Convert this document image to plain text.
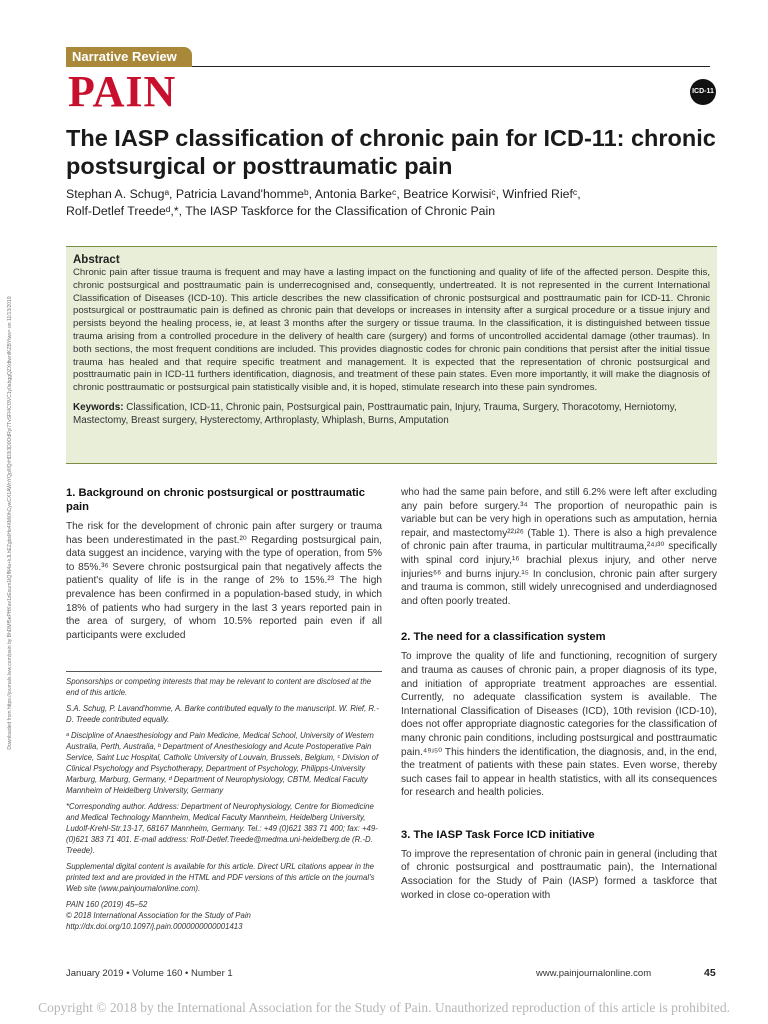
Narrative Review
PAIN	ICD-11
The IASP classification of chronic pain for ICD-11: chronic postsurgical or posttraumatic pain
Stephan A. Schugᵃ, Patricia Lavand'hommeᵇ, Antonia Barkeᶜ, Beatrice Korwisiᶜ, Winfried Riefᶜ,
Rolf-Detlef Treedeᵈ,*, The IASP Taskforce for the Classification of Chronic Pain
Downloaded from https://journals.lww.com/pain by BhDMf5ePHKav1zEoum1tQfN4a+kJLhEZgbsIHo4XMi0hCywCX1AWnYQp/IlQrHD3i3D0OdRyi7TvSFl4Cf3VC1y0abggQZXdtwnfKZBYtws= on 11/13/2019
Abstract
Chronic pain after tissue trauma is frequent and may have a lasting impact on the functioning and quality of life of the affected person. Despite this, chronic postsurgical and posttraumatic pain is underrecognised and, consequently, undertreated. It is not represented in the current International Classification of Diseases (ICD-10). This article describes the new classification of chronic postsurgical and posttraumatic pain for ICD-11. Chronic postsurgical or posttraumatic pain is defined as chronic pain that develops or increases in intensity after a surgical procedure or a tissue injury and persists beyond the healing process, ie, at least 3 months after the surgery or tissue trauma. In the classification, it is distinguished between tissue trauma arising from a controlled procedure in the delivery of health care (surgery) and forms of uncontrolled accidental damage (other traumas). In both sections, the most frequent conditions are included. This provides diagnostic codes for chronic pain conditions that persist after the initial tissue trauma has healed and that require specific treatment and management. It is expected that the representation of chronic postsurgical and posttraumatic pain in ICD-11 furthers identification, diagnosis, and treatment of these pain states. Even more importantly, it will make the diagnosis of chronic posttraumatic or postsurgical pain statistically visible and, it is hoped, stimulate research into these pain syndromes.
Keywords: Classification, ICD-11, Chronic pain, Postsurgical pain, Posttraumatic pain, Injury, Trauma, Surgery, Thoracotomy, Herniotomy, Mastectomy, Breast surgery, Hysterectomy, Arthroplasty, Whiplash, Burns, Amputation
1. Background on chronic postsurgical or posttraumatic pain

The risk for the development of chronic pain after surgery or trauma has been underestimated in the past.²⁰ Regarding postsurgical pain, data suggest an incidence, varying with the type of operation, from 5% to 85%.³⁶ Severe chronic postsurgical pain that negatively affects the patient's quality of life is in the range of 2% to 15%.²³ The high prevalence has been confirmed in a population-based study, in which 18% of patients who had surgery in the last 3 years reported pain in the area of surgery, of whom 10.5% reported pain even if all participants were excluded

Sponsorships or competing interests that may be relevant to content are disclosed at the end of this article.

S.A. Schug, P. Lavand'homme, A. Barke contributed equally to the manuscript. W. Rief, R.-D. Treede contributed equally.

ᵃ Discipline of Anaesthesiology and Pain Medicine, Medical School, University of Western Australia, Perth, Australia, ᵇ Department of Anesthesiology and Acute Postoperative Pain Service, Saint Luc Hospital, Catholic University of Louvain, Brussels, Belgium, ᶜ Division of Clinical Psychology and Psychotherapy, Department of Psychology, Philipps-University Marburg, Marburg, Germany, ᵈ Department of Neurophysiology, CBTM, Medical Faculty Mannheim of Heidelberg University, Germany

*Corresponding author. Address: Department of Neurophysiology, Centre for Biomedicine and Medical Technology Mannheim, Medical Faculty Mannheim, Heidelberg University, Ludolf-Krehl-Str.13-17, 68167 Mannheim, Germany. Tel.: +49 (0)621 383 71 400; fax: +49-(0)621 383 71 401. E-mail address: Rolf-Detlef.Treede@medma.uni-heidelberg.de (R.-D. Treede).

Supplemental digital content is available for this article. Direct URL citations appear in the printed text and are provided in the HTML and PDF versions of this article on the journal's Web site (www.painjournalonline.com).

PAIN 160 (2019) 45–52
© 2018 International Association for the Study of Pain
http://dx.doi.org/10.1097/j.pain.0000000000001413

who had the same pain before, and still 6.2% were left after excluding any pain before surgery.³⁴ The proportion of neuropathic pain is variable but can be very high in operations such as amputation, hernia repair, and mastectomy²²ʴ²⁶ (Table 1). There is also a high prevalence of chronic pain after trauma, in particular multitrauma,²⁴ʴ³⁰ specifically with spinal cord injury,¹⁶ brachial plexus injury, and other nerve injuries⁶⁶ and burns injury.¹⁵ In conclusion, chronic pain after surgery and trauma is common, still widely unrecognised and underdiagnosed and often poorly treated.

2. The need for a classification system

To improve the quality of life and functioning, recognition of surgery and trauma as causes of chronic pain, a proper diagnosis of its type, and initiation of appropriate treatment approaches are essential. Currently, no adequate classification system is available. The International Classification of Diseases (ICD), 10th revision (ICD-10), does not offer appropriate diagnostic categories for the classification of many chronic pain conditions, including postsurgical and posttraumatic pain.⁴⁹ʴ⁵⁰ This hinders the identification, the diagnosis, and, in the end, the treatment of patients with these pain states. Even worse, thereby such cases fail to appear in health statistics, with all its consequences for research and health policies.

3. The IASP Task Force ICD initiative

To improve the representation of chronic pain in general (including that of chronic postsurgical and posttraumatic pain), the International Association for the Study of Pain (IASP) formed a taskforce that worked in close co-operation with

January 2019 • Volume 160 • Number 1	www.painjournalonline.com	45
Copyright © 2018 by the International Association for the Study of Pain. Unauthorized reproduction of this article is prohibited.
